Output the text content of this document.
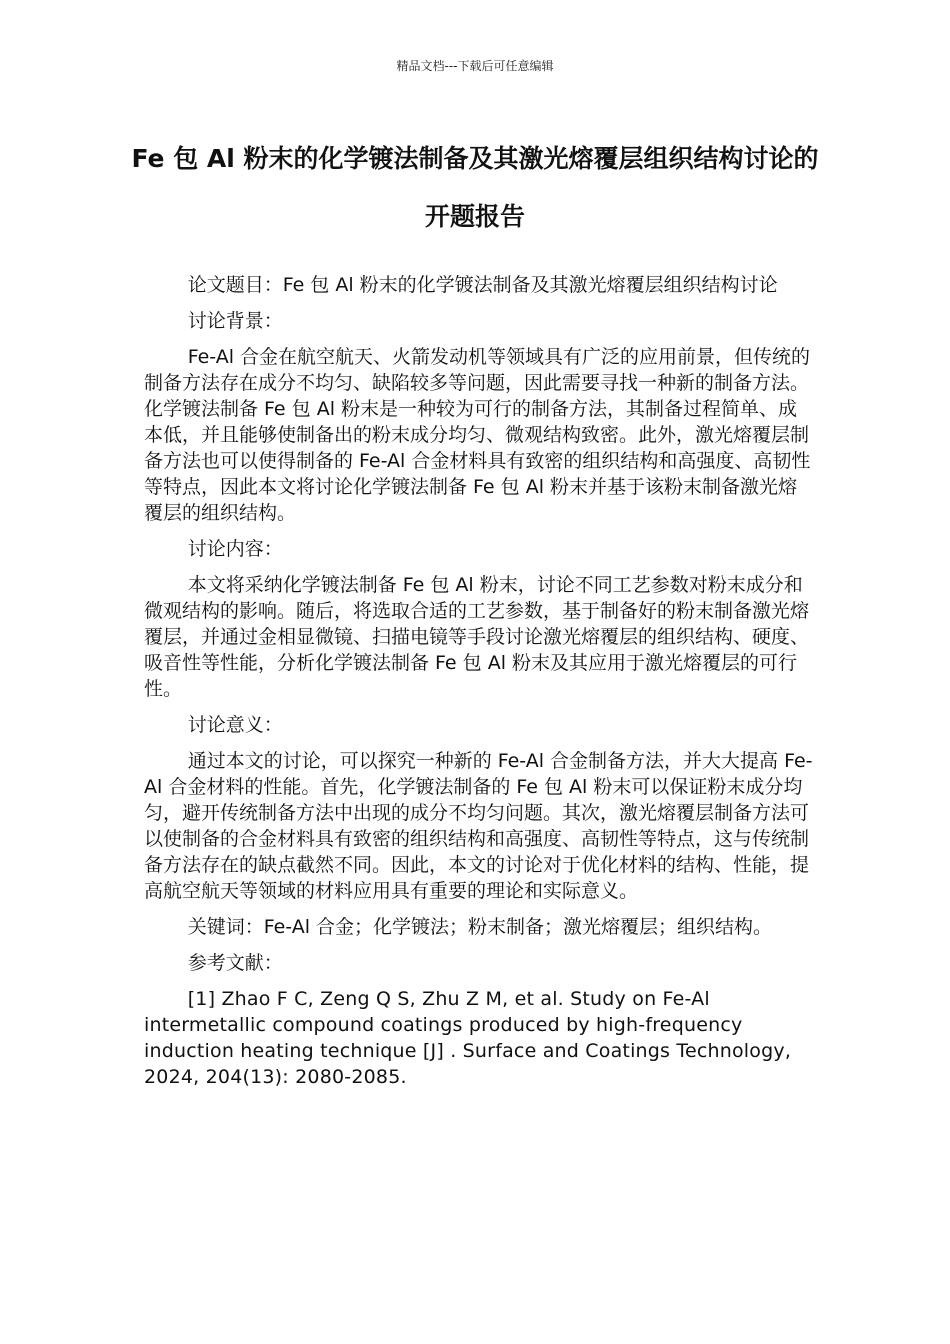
精品文档---下载后可任意编辑
Fe 包 Al 粉末的化学镀法制备及其激光熔覆层组织结构讨论的开题报告

论文题目：Fe 包 Al 粉末的化学镀法制备及其激光熔覆层组织结构讨论

讨论背景：

Fe-Al 合金在航空航天、火箭发动机等领域具有广泛的应用前景，但传统的制备方法存在成分不均匀、缺陷较多等问题，因此需要寻找一种新的制备方法。化学镀法制备 Fe 包 Al 粉末是一种较为可行的制备方法，其制备过程简单、成本低，并且能够使制备出的粉末成分均匀、微观结构致密。此外，激光熔覆层制备方法也可以使得制备的 Fe-Al 合金材料具有致密的组织结构和高强度、高韧性等特点，因此本文将讨论化学镀法制备 Fe 包 Al 粉末并基于该粉末制备激光熔覆层的组织结构。

讨论内容：

本文将采纳化学镀法制备 Fe 包 Al 粉末，讨论不同工艺参数对粉末成分和微观结构的影响。随后，将选取合适的工艺参数，基于制备好的粉末制备激光熔覆层，并通过金相显微镜、扫描电镜等手段讨论激光熔覆层的组织结构、硬度、吸音性等性能，分析化学镀法制备 Fe 包 Al 粉末及其应用于激光熔覆层的可行性。

讨论意义：

通过本文的讨论，可以探究一种新的 Fe-Al 合金制备方法，并大大提高 Fe-Al 合金材料的性能。首先，化学镀法制备的 Fe 包 Al 粉末可以保证粉末成分均匀，避开传统制备方法中出现的成分不均匀问题。其次，激光熔覆层制备方法可以使制备的合金材料具有致密的组织结构和高强度、高韧性等特点，这与传统制备方法存在的缺点截然不同。因此，本文的讨论对于优化材料的结构、性能，提高航空航天等领域的材料应用具有重要的理论和实际意义。

关键词：Fe-Al 合金；化学镀法；粉末制备；激光熔覆层；组织结构。

参考文献：

[1] Zhao F C, Zeng Q S, Zhu Z M, et al. Study on Fe-Al intermetallic compound coatings produced by high-frequency induction heating technique [J] . Surface and Coatings Technology, 2024, 204(13): 2080-2085.
